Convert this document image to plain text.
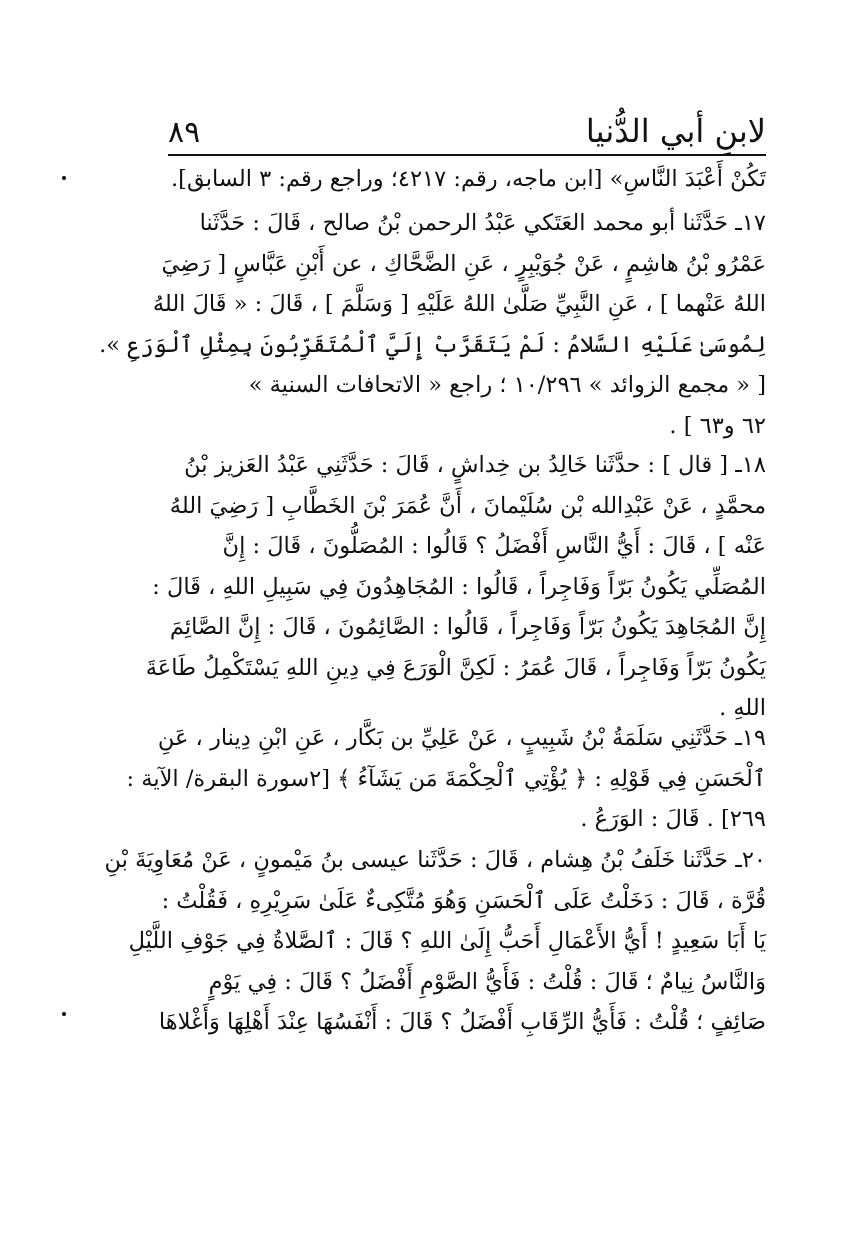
٨٩	لابنِ أبي الدُّنيا
تَكُنْ أَعْبَدَ النَّاسِ» [ابن ماجه، رقم: ٤٢١٧؛ وراجع رقم: ٣ السابق].
١٧ـ حَدَّثَنا أبو محمد العَتَكي عَبْدُ الرحمن بْنُ صالح ، قَالَ : حَدَّثَنا
عَمْرُو بْنُ هاشِمٍ ، عَنْ جُوَيْبِرٍ ، عَنِ الضَّحَّاكِ ، عن أَبْنِ عَبَّاسٍ [ رَضِيَ
اللهُ عَنْهما ] ، عَنِ النَّبِيِّ صَلَّىٰ اللهُ عَلَيْهِ [ وَسَلَّمَ ] ، قَالَ : « قَالَ اللهُ
لِمُوسَىٰ عَلَيْهِ السَّلامُ : لَمْ يَتَقَرَّبْ إِلَيَّ ٱلْمُتَقَرِّبُونَ بِمِثْلِ ٱلْوَرَعِ ».
[ « مجمع الزوائد » ١٠/٢٩٦ ؛ راجع « الاتحافات السنية »
٦٢ و٦٣ ] .
١٨ـ [ قال ] : حدَّثَنا خَالِدُ بن خِداشٍ ، قَالَ : حَدَّثَنِي عَبْدُ العَزيز بْنُ
محمَّدٍ ، عَنْ عَبْدِالله بْن سُلَيْمانَ ، أَنَّ عُمَرَ بْنَ الخَطَّابِ [ رَضِيَ اللهُ
عَنْه ] ، قَالَ : أَيُّ النَّاسِ أَفْضَلُ ؟ قَالُوا : المُصَلُّونَ ، قَالَ : إِنَّ
المُصَلِّي يَكُونُ بَرّاً وَفَاجِراً ، قَالُوا : المُجَاهِدُونَ فِي سَبِيلِ اللهِ ، قَالَ :
إِنَّ المُجَاهِدَ يَكُونُ بَرّاً وَفَاجِراً ، قَالُوا : الصَّائِمُونَ ، قَالَ : إِنَّ الصَّائِمَ
يَكُونُ بَرّاً وَفَاجِراً ، قَالَ عُمَرُ : لَكِنَّ الْوَرَعَ فِي دِينِ اللهِ يَسْتَكْمِلُ طَاعَةَ
اللهِ .
١٩ـ حَدَّثَنِي سَلَمَةُ بْنُ شَبِيبٍ ، عَنْ عَلِيِّ بن بَكَّار ، عَنِ ابْنِ دِينار ، عَنِ
ٱلْحَسَنِ فِي قَوْلِهِ : ﴿ يُؤْتِي ٱلْحِكْمَةَ مَن يَشَآءُ ﴾ [٢سورة البقرة/ الآية :
٢٦٩] . قَالَ : الوَرَعُ .
٢٠ـ حَدَّثَنا خَلَفُ بْنُ هِشام ، قَالَ : حَدَّثَنا عيسى بنُ مَيْمونٍ ، عَنْ مُعَاوِيَةَ بْنِ
قُرَّة ، قَالَ : دَخَلْتُ عَلَى ٱلْحَسَنِ وَهُوَ مُتَّكِىءٌ عَلَىٰ سَرِيْرِهِ ، فَقُلْتُ :
يَا أَبَا سَعِيدٍ ! أَيُّ الأَعْمَالِ أَحَبُّ إِلَىٰ اللهِ ؟ قَالَ : ٱلصَّلاةُ فِي جَوْفِ اللَّيْلِ
وَالنَّاسُ نِيامٌ ؛ قَالَ : قُلْتُ : فَأَيُّ الصَّوْمِ أَفْضَلُ ؟ قَالَ : فِي يَوْمٍ
صَائِفٍ ؛ قُلْتُ : فَأَيُّ الرِّقَابِ أَفْضَلُ ؟ قَالَ : أَنْفَسُهَا عِنْدَ أَهْلِهَا وَأَغْلاهَا
